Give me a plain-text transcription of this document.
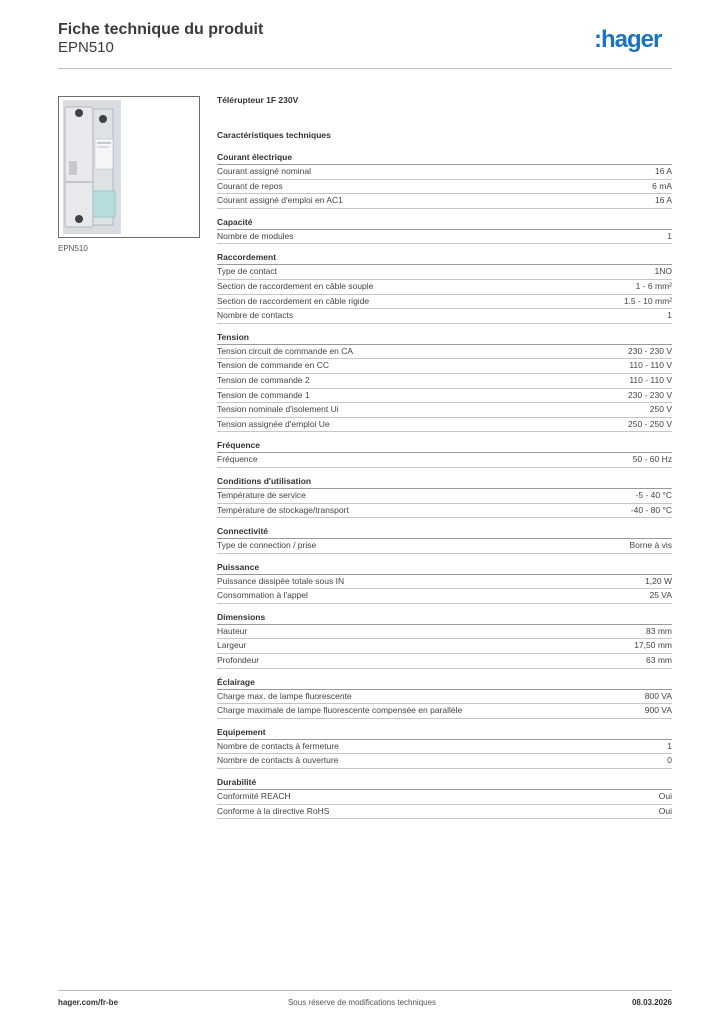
Fiche technique du produit
EPN510	:hager
EPN510
Télérupteur 1F 230V
Caractéristiques techniques
Courant électrique
Courant assigné nominal	16 A
Courant de repos	6 mA
Courant assigné d'emploi en AC1	16 A
Capacité
Nombre de modules	1
Raccordement
Type de contact	1NO
Section de raccordement en câble souple	1 - 6 mm²
Section de raccordement en câble rigide	1.5 - 10 mm²
Nombre de contacts	1
Tension
Tension circuit de commande en CA	230 - 230 V
Tension de commande en CC	110 - 110 V
Tension de commande 2	110 - 110 V
Tension de commande 1	230 - 230 V
Tension nominale d'isolement Ui	250 V
Tension assignée d'emploi Ue	250 - 250 V
Fréquence
Fréquence	50 - 60 Hz
Conditions d'utilisation
Température de service	-5 - 40 °C
Température de stockage/transport	-40 - 80 °C
Connectivité
Type de connection / prise	Borne à vis
Puissance
Puissance dissipée totale sous IN	1,20 W
Consommation à l'appel	25 VA
Dimensions
Hauteur	83 mm
Largeur	17,50 mm
Profondeur	63 mm
Éclairage
Charge max. de lampe fluorescente	800 VA
Charge maximale de lampe fluorescente compensée en parallèle	900 VA
Equipement
Nombre de contacts à fermeture	1
Nombre de contacts à ouverture	0
Durabilité
Conformité REACH	Oui
Conforme à la directive RoHS	Oui
hager.com/fr-be	Sous réserve de modifications techniques	08.03.2026
